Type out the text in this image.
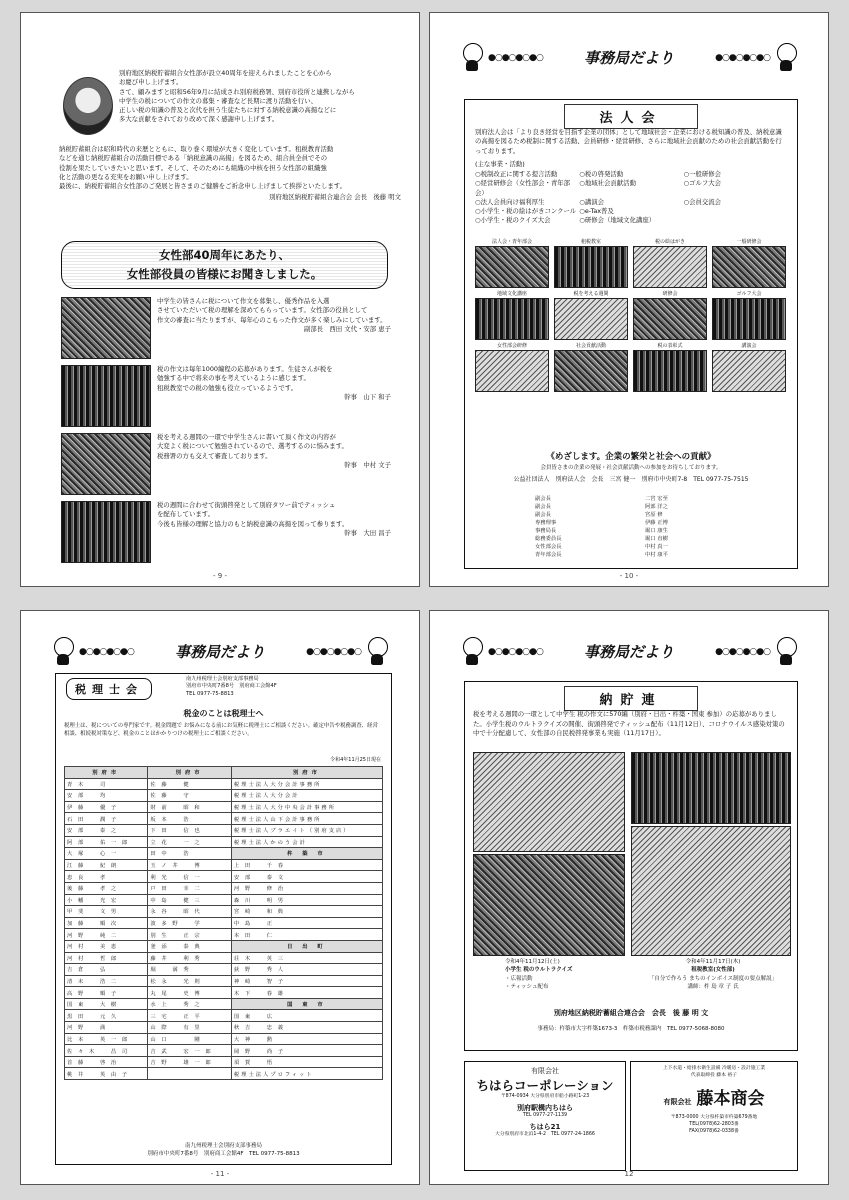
別府地区納税貯蓄組合女性部が設立40周年を迎えられましたことを心から
お慶び申し上げます。
さて、顧みますと昭和56年9月に結成され別府税務署、別府市役所と連携しながら
中学生の税についての作文の募集・審査など長期に渡り活動を行い、
正しい税の知識の普及と次代を担う生徒たちに対する納税意識の高揚などに
多大な貢献をされており改めて深く感謝申し上げます。
納税貯蓄組合は昭和時代の来歴とともに、取り巻く環境が大きく変化しています。租税教育活動
などを通じ納税貯蓄組合の活動目標である「納税意識の高揚」を図るため、組合員全員でその
役割を果たしていきたいと思います。そして、そのためにも組織の中核を担う女性部の組織強
化と活動の更なる充実をお願い申し上げます。
最後に、納税貯蓄組合女性部のご発展と皆さまのご健勝をご祈念申し上げまして挨拶といたします。
別府地区納税貯蓄組合連合会 会長　後藤 明文
女性部40周年にあたり、
女性部役員の皆様にお聞きしました。
中学生の皆さんに税について作文を募集し、優秀作品を入選
させていただいて税の理解を深めてもらっています。女性部の役員として
作文の審査に当たりますが、毎年心のこもった作文が多く楽しみにしています。
副部長　西田 文代・安部 恵子
税の作文は毎年1000編程の応募があります。生徒さんが税を
勉強する中で将来の事を考えているように感じます。
租税教室での税の勉強も役立っているようです。
幹事　山下 和子
税を考える週間の一環で中学生さんに書いて頂く作文の内容が
大変よく税について勉強されているので、選考するのに悩みます。
税務署の方も交えて審査しております。
幹事　中村 文子
税の週間に合わせて街頭啓発として別府タワー前でティッシュ
を配布しています。
今後も皆様の理解と協力のもと納税意識の高揚を図って参ります。
幹事　大田 昌子
- 9 -
●○●○●○●○	事務局だより	●○●○●○●○
法人会
別府法人会は「より良き経営を目指す企業の団体」として地域社会・企業における税知識の普及、納税意識の高揚を図るため税制に関する活動、会員研修・経営研修、さらに地域社会貢献のための社会貢献活動を行っております。
(主な事業・活動)
○税制改正に関する提言活動	○税の啓発活動	○一般研修会 ○経営研修会（女性部会・青年部会）○地域社会貢献活動	○ゴルフ大会 ○法人会員向け福利厚生	○講演会	○会員交流会 ○小学生・税の絵はがきコンクール ○e-Tax普及 ○小学生・税のクイズ大会	○研修会（地域文化講座）
法人会・青年部会	租税教室	税の絵はがき	一般研修会
地域文化講座	税を考える週間	研修会	ゴルフ大会
女性部会研修	社会貢献活動	税の表彰式	講演会
《めざします。企業の繁栄と社会への貢献》
会員皆さまの企業の発展・社会貢献活動への参加をお待ちしております。
公益社団法人　別府法人会　会長　三宮 健一　別府市中央町7-8　TEL 0977-75-7515
副会長	二宮 宏至
副会長	阿部 洋之
副会長	宮原 修
専務理事	伊藤 正博
事務局長	堀口 康生
総務委員長	堀口 直樹
女性部会長	中村 真一
青年部会長	中村 康平
- 10 -
●○●○●○●○	事務局だより	●○●○●○●○
税理士会
南九州税理士会別府支部事務局
別府市中央町7番8号　別府商工会館4F
TEL 0977-75-8813
税金のことは税理士へ
税理士は、税についての専門家です。税金問題で お悩みになる前にお気軽に税理士にご相談ください。確定申告や税務調査、経営相談、相続税対策など、税金のことはかかりつけの税理士にご相談ください。
令和4年11月25日現在
別府市	別府市	別府市
青 木 　 司	佐 藤 　 健	税理士法人大分会計事務所
安 部 　 均	佐 藤 　 守	税理士法人大分会計
伊 藤 　 優 子	財 前 　 昭 和	税理士法人大分中央会計事務所
石 田 　 潤 子	坂 本 　 浩	税理士法人山下会計事務所
安 部 　 泰 之	下 田 　 信 也	税理士法人ブラエイト（別府支店）
阿 部 　 佑 一 郎	立 花 　 一 之	税理士法人かのう会計
大 塚 　 心 一	田 中 　 浩	杵 築 市
江 藤 　 紀 朗	玉 ノ 井 　 博	上 田 　 千 春
恵 良 　 孝	利 光 　 信 一	安 部 　 泰 文
後 藤 　 孝 之	戸 田 　 幸 二	河 野 　 修 治
小 幡 　 光 宏	中 島 　 健 三	森 川 　 明 男
甲 斐 　 文 男	永 谷 　 昭 代	宮 崎 　 和 典
加 藤 　 順 次	波 多 野 　 学	中 島 　 正
河 野 　 純 二	別 生 　 正 宗	本 田 　 仁
河 村 　 美 恵	釜 添 　 泰 典	日 出 町
河 村 　 哲 郎	藤 井 　 利 秀	荘 木 　 英 三
吉 倉 　 弘	堀 　 満 秀	荻 野 　 秀 人
清 末 　 浩 二	松 永 　 光 則	神 崎 　 智 子
高 野 　 順 子	丸 尾 　 史 博	木 下 　 春 雄
国 東 　 大 樹	水 上 　 秀 之	国 東 市
黒 田 　 元 久	三 宅 　 正 平	国 東 　 広
河 野 　 満	山 際 　 有 里	秋 吉 　 忠 義
比 本 　 英 一 郎	山 口 　 　 剛	大 神 　 勲
佐 々 木 　 昌 司	吉 武 　 宏 一 郎	岡 野 　 尚 子
首 藤 　 啓 治	吉 野 　 雄 一 郎	須 賀 　 悟
桃 井 　 英 由 子		税理士法人プロフィット
南九州税理士会別府支部事務局
別府市中央町7番8号　別府商工会館4F　TEL 0977-75-8813
- 11 -
●○●○●○●○	事務局だより	●○●○●○●○
納貯連
税を考える週間の一環として中学生 税の作文に570編（別府・日出・杵築・国東 参加）の応募がありました。小学生税のウルトラクイズの開催、街頭啓発でティッシュ配布（11月12日）、コロナウイルス感染対策の中で十分配慮して、女性部の自民税啓発事業も実施（11月17日）。
令和4年11月12日(土)
小学生 税のウルトラクイズ
・広報活動
・ティッシュ配布
令和4年11月17日(木)
租税教室(女性部)
「自分で作ろう まちのインボイス制度の要点解説」
講師：杵 島 章 子 氏
別府地区納税貯蓄組合連合会　会長　後 藤 明 文
事務局：杵築市大字杵築1673-3　杵築市税務課内　TEL 0977-5068-8080
有限会社
ちはらコーポレーション
〒874-0934 大分県別府市船小路町1-23
別府駅構内ちはら
TEL 0977-27-1139
ちはら21
大分県別府市北浜1-4-2　TEL 0977-24-1866
上下水道・給排水衛生設備 冷暖房・設計施工業
代表取締役 藤本 裕子
有限会社 藤本商会
〒873-0000 大分県杵築市杵築679番地
TEL(0978)62-2803番
FAX(0978)62-0338番
12
